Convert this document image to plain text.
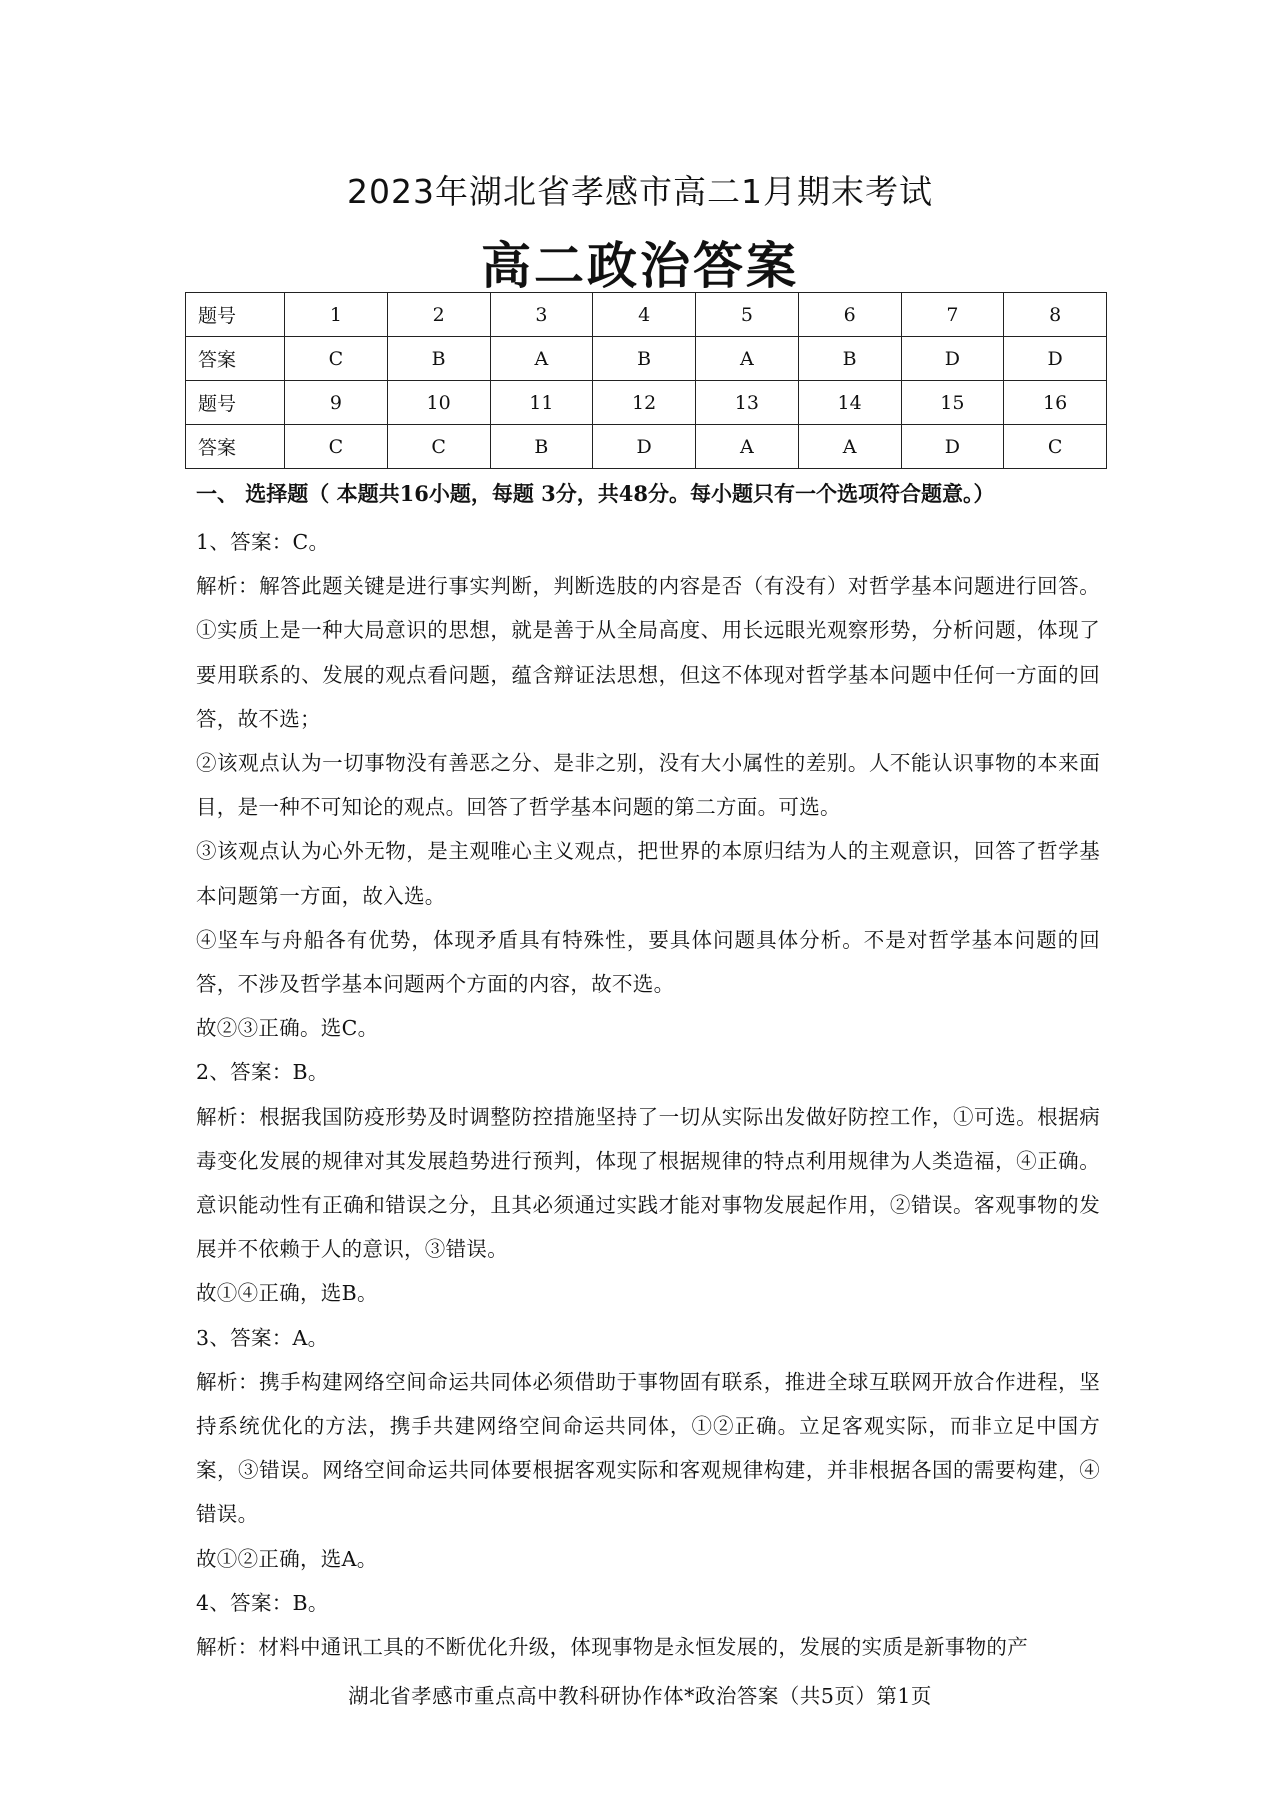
2023年湖北省孝感市高二1月期末考试
高二政治答案
题号	1	2	3	4	5	6	7	8
答案	C	B	A	B	A	B	D	D
题号	9	10	11	12	13	14	15	16
答案	C	C	B	D	A	A	D	C
一、 选择题（ 本题共16小题，每题 3分，共48分。每小题只有一个选项符合题意。）

1、答案：C。

解析：解答此题关键是进行事实判断，判断选肢的内容是否（有没有）对哲学基本问题进行回答。①实质上是一种大局意识的思想，就是善于从全局高度、用长远眼光观察形势，分析问题，体现了要用联系的、发展的观点看问题，蕴含辩证法思想，但这不体现对哲学基本问题中任何一方面的回答，故不选；

②该观点认为一切事物没有善恶之分、是非之别，没有大小属性的差别。人不能认识事物的本来面目，是一种不可知论的观点。回答了哲学基本问题的第二方面。可选。

③该观点认为心外无物，是主观唯心主义观点，把世界的本原归结为人的主观意识，回答了哲学基本问题第一方面，故入选。

④坚车与舟船各有优势，体现矛盾具有特殊性，要具体问题具体分析。不是对哲学基本问题的回答，不涉及哲学基本问题两个方面的内容，故不选。

故②③正确。选C。

2、答案：B。

解析：根据我国防疫形势及时调整防控措施坚持了一切从实际出发做好防控工作，①可选。根据病毒变化发展的规律对其发展趋势进行预判，体现了根据规律的特点利用规律为人类造福，④正确。意识能动性有正确和错误之分，且其必须通过实践才能对事物发展起作用，②错误。客观事物的发展并不依赖于人的意识，③错误。

故①④正确，选B。

3、答案：A。

解析：携手构建网络空间命运共同体必须借助于事物固有联系，推进全球互联网开放合作进程，坚持系统优化的方法，携手共建网络空间命运共同体，①②正确。立足客观实际，而非立足中国方案，③错误。网络空间命运共同体要根据客观实际和客观规律构建，并非根据各国的需要构建，④错误。

故①②正确，选A。

4、答案：B。

解析：材料中通讯工具的不断优化升级，体现事物是永恒发展的，发展的实质是新事物的产

湖北省孝感市重点高中教科研协作体*政治答案（共5页）第1页
